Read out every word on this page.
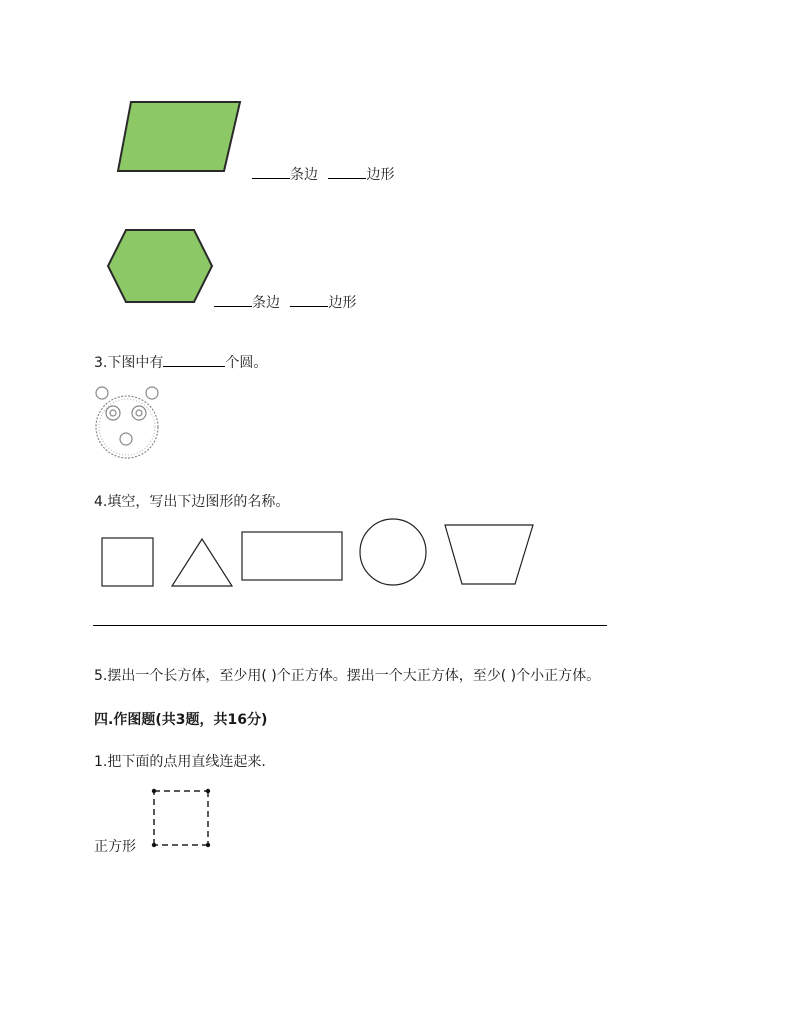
条边	边形
条边	边形
3.下图中有	个圆。
4.填空，写出下边图形的名称。
5.摆出一个长方体，至少用( )个正方体。摆出一个大正方体，至少( )个小正方体。
四.作图题(共3题，共16分)
1.把下面的点用直线连起来.
正方形
